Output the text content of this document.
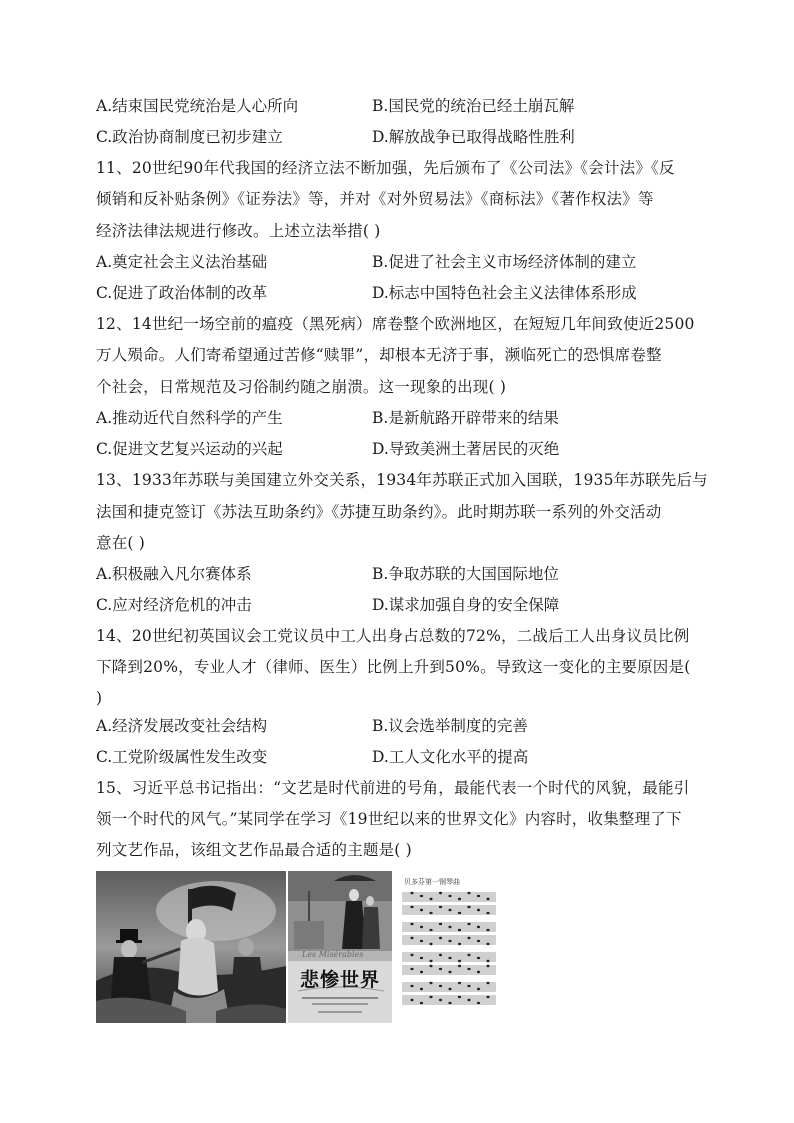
A.结束国民党统治是人心所向	B.国民党的统治已经土崩瓦解
C.政治协商制度已初步建立	D.解放战争已取得战略性胜利
11、20世纪90年代我国的经济立法不断加强，先后颁布了《公司法》《会计法》《反
倾销和反补贴条例》《证券法》等，并对《对外贸易法》《商标法》《著作权法》等
经济法律法规进行修改。上述立法举措( )
A.奠定社会主义法治基础	B.促进了社会主义市场经济体制的建立
C.促进了政治体制的改革	D.标志中国特色社会主义法律体系形成
12、14世纪一场空前的瘟疫（黑死病）席卷整个欧洲地区，在短短几年间致使近2500
万人殒命。人们寄希望通过苦修“赎罪”，却根本无济于事，濒临死亡的恐惧席卷整
个社会，日常规范及习俗制约随之崩溃。这一现象的出现( )
A.推动近代自然科学的产生	B.是新航路开辟带来的结果
C.促进文艺复兴运动的兴起	D.导致美洲土著居民的灭绝
13、1933年苏联与美国建立外交关系，1934年苏联正式加入国联，1935年苏联先后与
法国和捷克签订《苏法互助条约》《苏捷互助条约》。此时期苏联一系列的外交活动
意在( )
A.积极融入凡尔赛体系	B.争取苏联的大国国际地位
C.应对经济危机的冲击	D.谋求加强自身的安全保障
14、20世纪初英国议会工党议员中工人出身占总数的72%，二战后工人出身议员比例
下降到20%，专业人才（律师、医生）比例上升到50%。导致这一变化的主要原因是(
)
A.经济发展改变社会结构	B.议会选举制度的完善
C.工党阶级属性发生改变	D.工人文化水平的提高
15、习近平总书记指出：“文艺是时代前进的号角，最能代表一个时代的风貌，最能引
领一个时代的风气。”某同学在学习《19世纪以来的世界文化》内容时，收集整理了下
列文艺作品，该组文艺作品最合适的主题是( )
Les Misérables
悲惨世界
贝多芬第一钢琴曲
